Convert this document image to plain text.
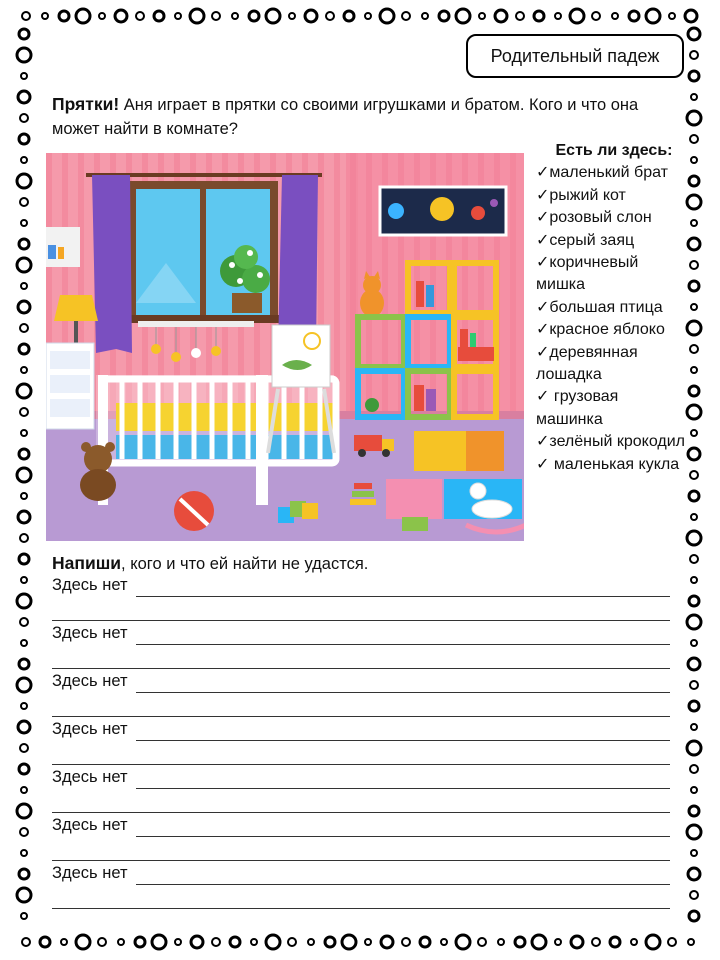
Родительный падеж
Прятки! Аня играет в прятки со своими игрушками и братом. Кого и что она может найти в комнате?
Есть ли здесь:
✓маленький брат
✓рыжий кот
✓розовый слон
✓серый заяц
✓коричневый мишка
✓большая птица
✓красное яблоко
✓деревянная лошадка
✓ грузовая машинка
✓зелёный крокодил
✓ маленькая кукла
Напиши, кого и что ей найти не удастся.
Здесь нет
Здесь нет
Здесь нет
Здесь нет
Здесь нет
Здесь нет
Здесь нет
